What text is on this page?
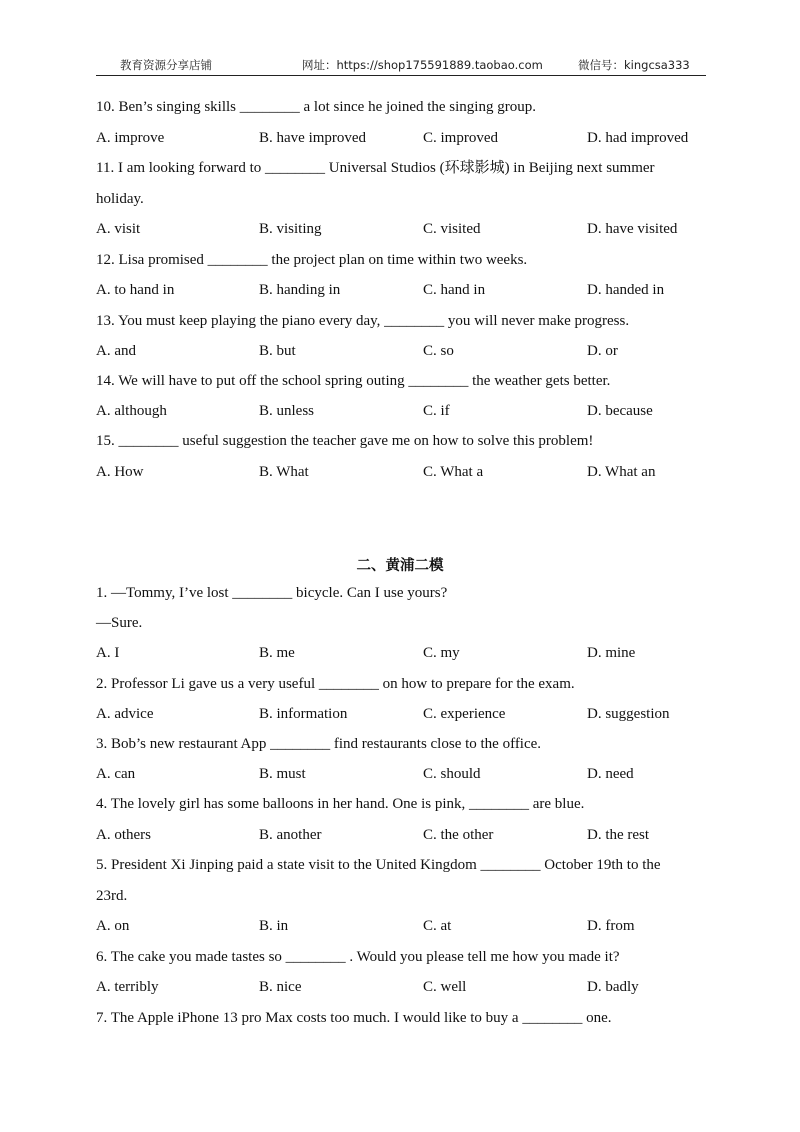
教育资源分享店铺	网址：https://shop175591889.taobao.com	微信号：kingcsa333
10. Ben’s singing skills ________ a lot since he joined the singing group.
A. improve	B. have improved	C. improved	D. had improved
11. I am looking forward to ________ Universal Studios (环球影城) in Beijing next summer
holiday.
A. visit	B. visiting	C. visited	D. have visited
12. Lisa promised ________ the project plan on time within two weeks.
A. to hand in	B. handing in	C. hand in	D. handed in
13. You must keep playing the piano every day, ________ you will never make progress.
A. and	B. but	C. so	D. or
14. We will have to put off the school spring outing ________ the weather gets better.
A. although	B. unless	C. if	D. because
15. ________ useful suggestion the teacher gave me on how to solve this problem!
A. How	B. What	C. What a	D. What an
二、黄浦二模
1. —Tommy, I’ve lost ________ bicycle. Can I use yours?
—Sure.
A. I	B. me	C. my	D. mine
2. Professor Li gave us a very useful ________ on how to prepare for the exam.
A. advice	B. information	C. experience	D. suggestion
3. Bob’s new restaurant App ________ find restaurants close to the office.
A. can	B. must	C. should	D. need
4. The lovely girl has some balloons in her hand. One is pink, ________ are blue.
A. others	B. another	C. the other	D. the rest
5. President Xi Jinping paid a state visit to the United Kingdom ________ October 19th to the
23rd.
A. on	B. in	C. at	D. from
6. The cake you made tastes so ________ . Would you please tell me how you made it?
A. terribly	B. nice	C. well	D. badly
7. The Apple iPhone 13 pro Max costs too much. I would like to buy a ________ one.
